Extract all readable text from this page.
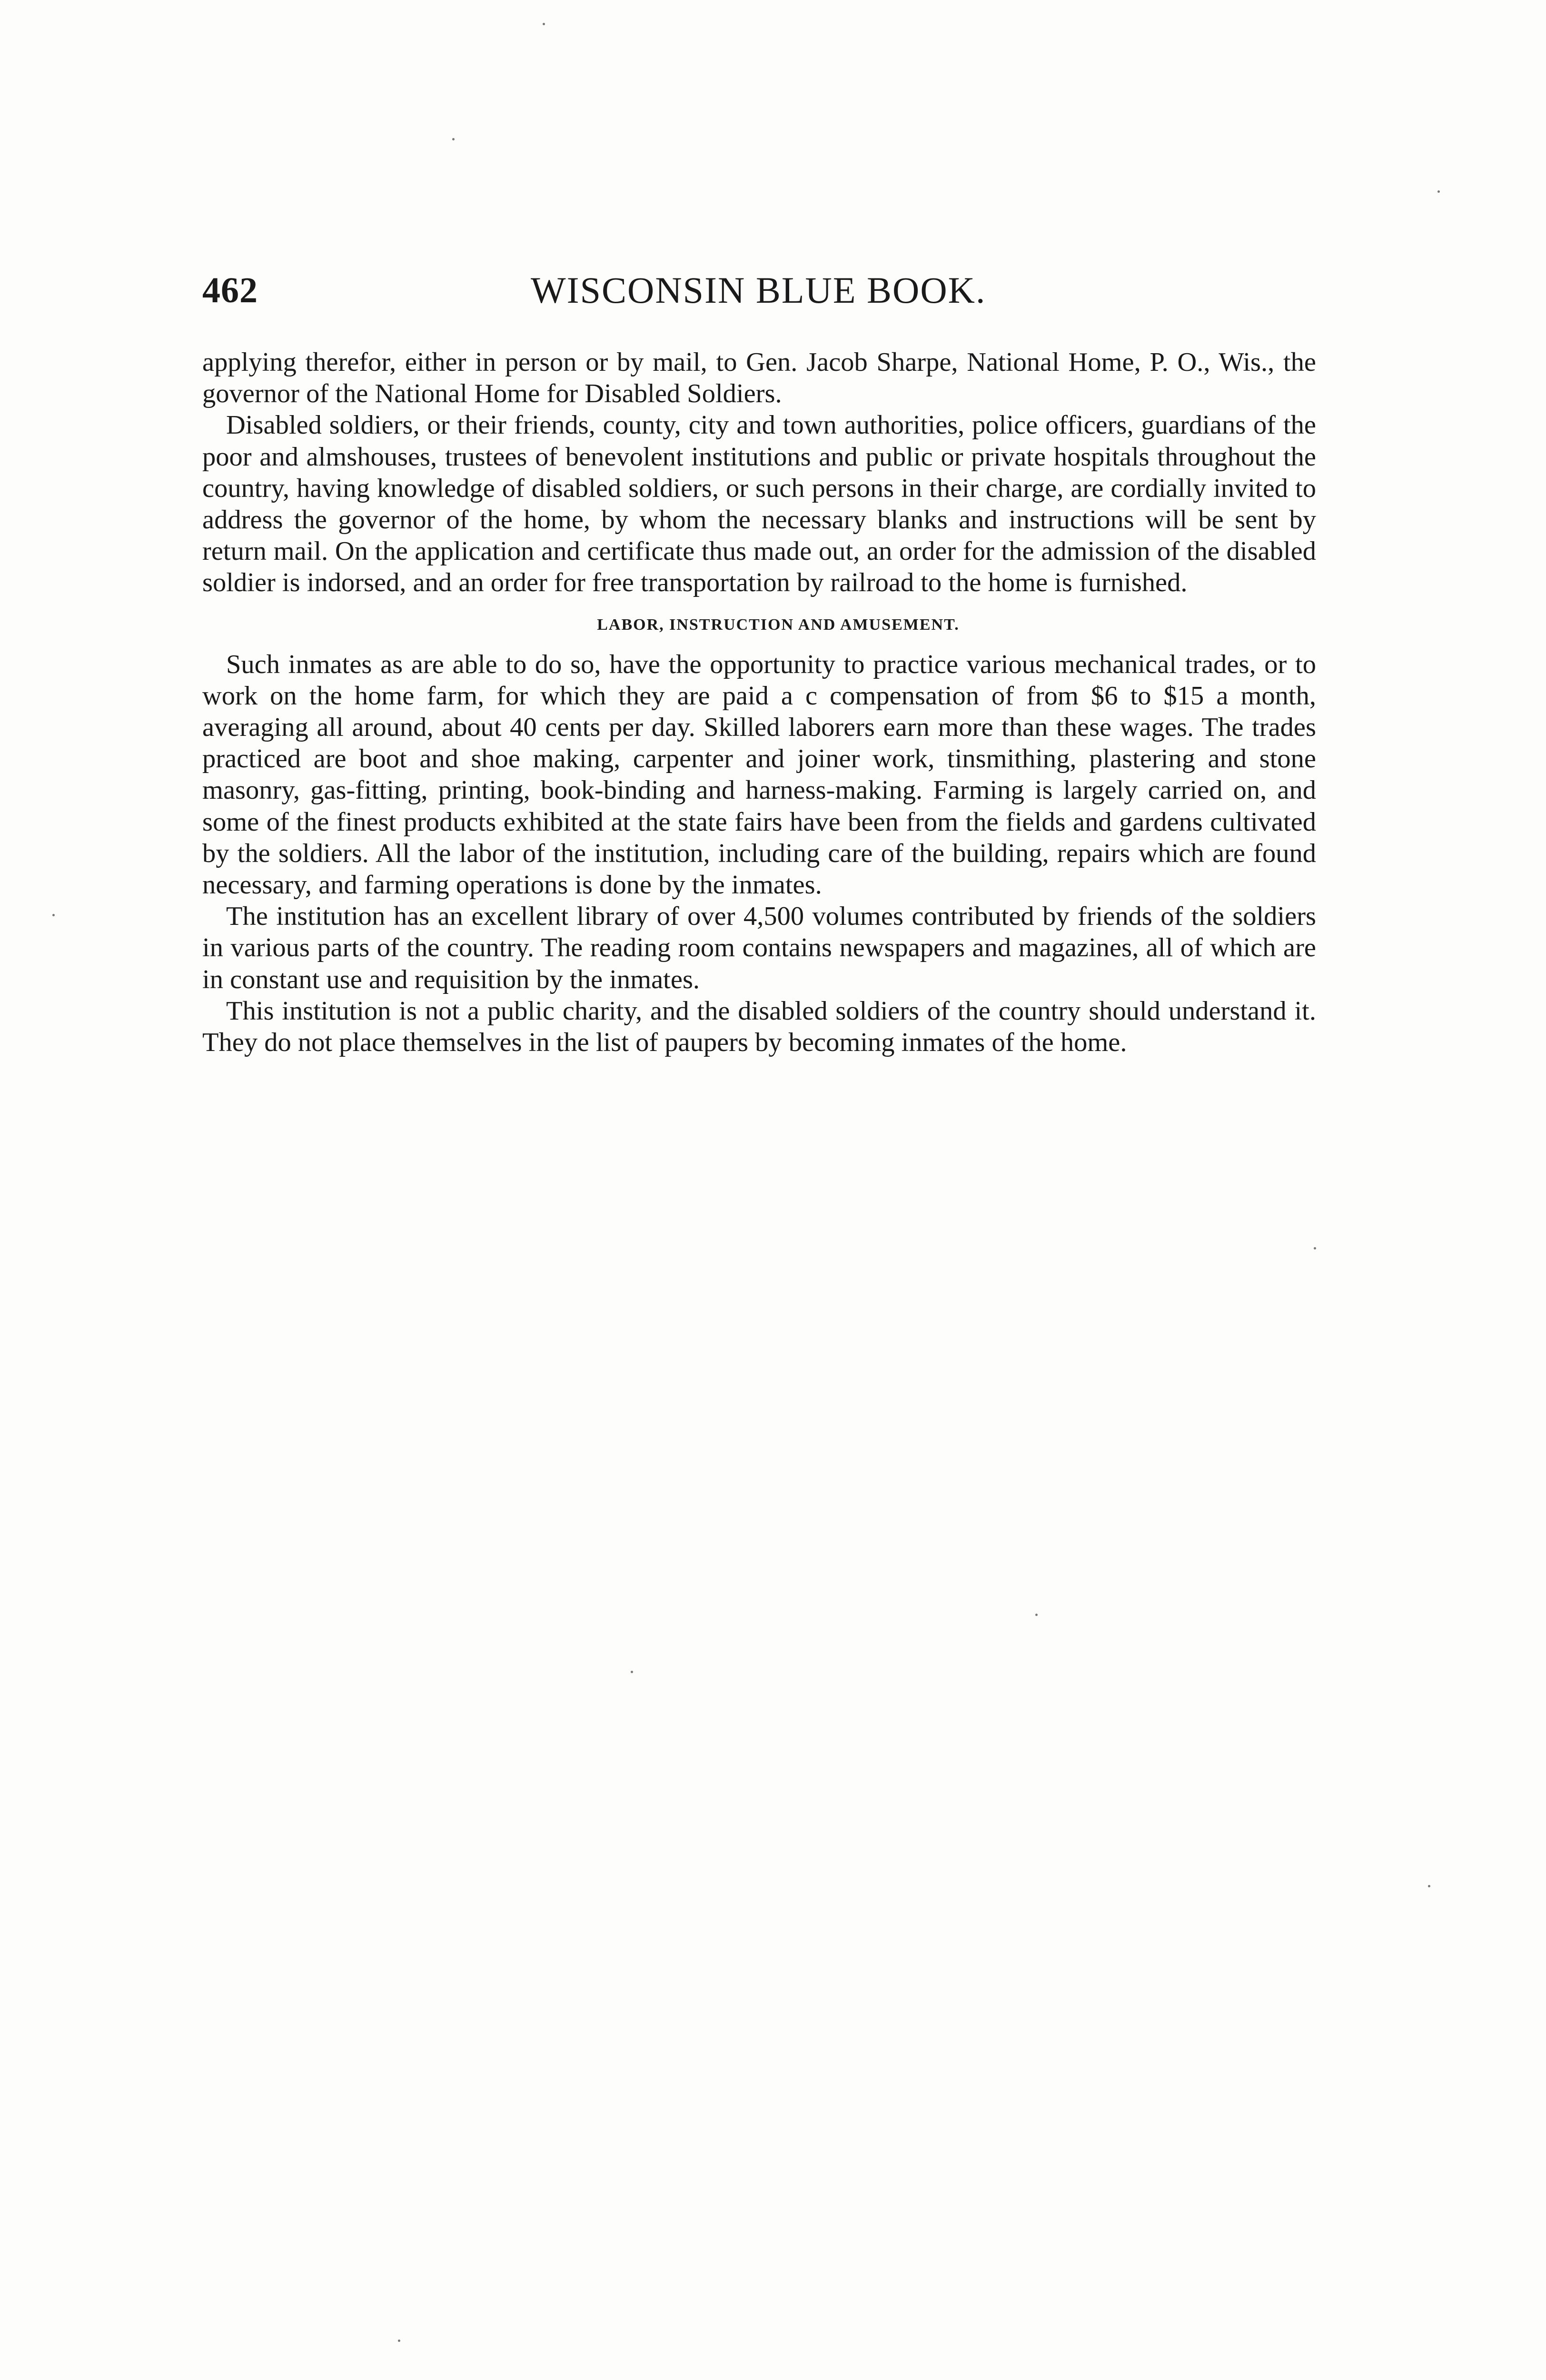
462	WISCONSIN BLUE BOOK.

applying therefor, either in person or by mail, to Gen. Jacob Sharpe, National Home, P. O., Wis., the governor of the National Home for Disabled Soldiers.

Disabled soldiers, or their friends, county, city and town authorities, police officers, guardians of the poor and almshouses, trustees of benevolent institutions and public or private hospitals throughout the country, having knowledge of disabled soldiers, or such persons in their charge, are cordially invited to address the governor of the home, by whom the necessary blanks and instructions will be sent by return mail. On the application and certificate thus made out, an order for the admission of the disabled soldier is indorsed, and an order for free transportation by railroad to the home is furnished.

LABOR, INSTRUCTION AND AMUSEMENT.

Such inmates as are able to do so, have the opportunity to practice various mechanical trades, or to work on the home farm, for which they are paid a c compensation of from $6 to $15 a month, averaging all around, about 40 cents per day. Skilled laborers earn more than these wages. The trades practiced are boot and shoe making, carpenter and joiner work, tinsmithing, plastering and stone masonry, gas-fitting, printing, book-binding and harness-making. Farming is largely carried on, and some of the finest products exhibited at the state fairs have been from the fields and gardens cultivated by the soldiers. All the labor of the institution, including care of the building, repairs which are found necessary, and farming operations is done by the inmates.

The institution has an excellent library of over 4,500 volumes contributed by friends of the soldiers in various parts of the country. The reading room contains newspapers and magazines, all of which are in constant use and requisition by the inmates.

This institution is not a public charity, and the disabled soldiers of the country should understand it. They do not place themselves in the list of paupers by becoming inmates of the home.
